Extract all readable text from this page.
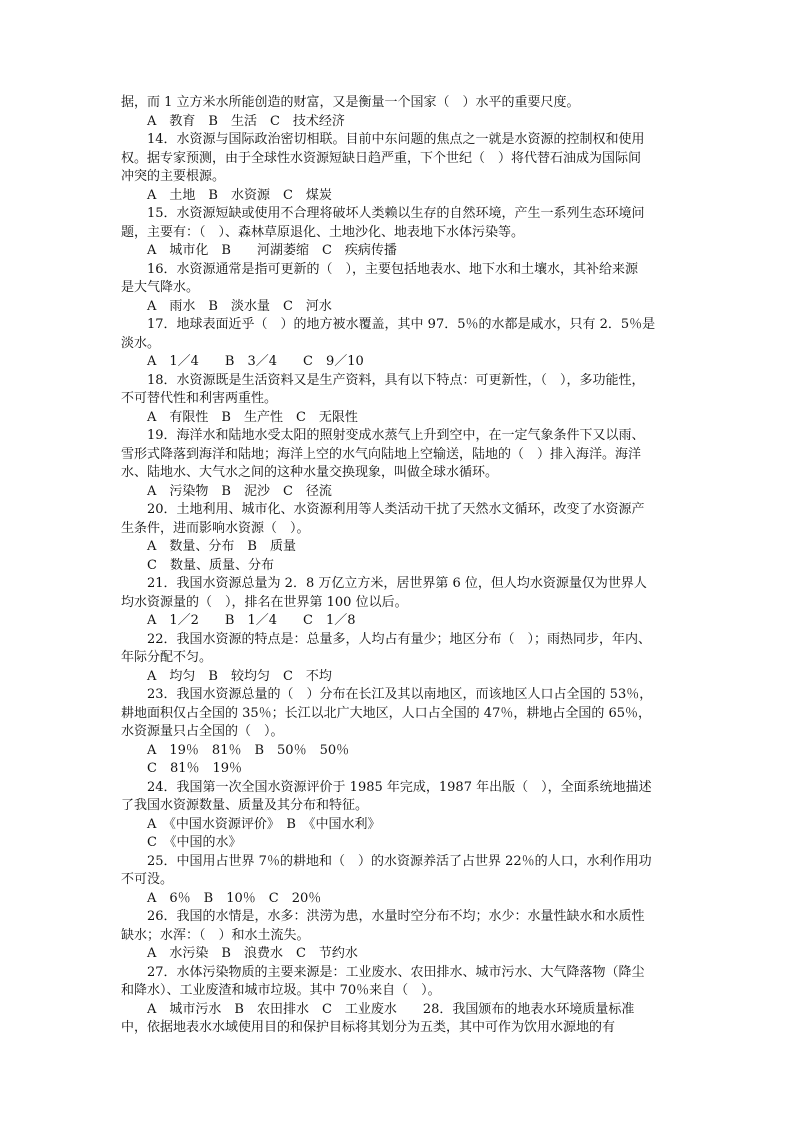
据，而 1 立方米水所能创造的财富，又是衡量一个国家（　）水平的重要尺度。
A　教育　B　生活　C　技术经济
14．水资源与国际政治密切相联。目前中东问题的焦点之一就是水资源的控制权和使用
权。据专家预测，由于全球性水资源短缺日趋严重，下个世纪（　）将代替石油成为国际间
冲突的主要根源。
A　土地　B　水资源　C　煤炭
15．水资源短缺或使用不合理将破坏人类赖以生存的自然环境，产生一系列生态环境问
题，主要有：（　）、森林草原退化、土地沙化、地表地下水体污染等。
A　城市化　B　　河湖萎缩　C　疾病传播
16．水资源通常是指可更新的（　），主要包括地表水、地下水和土壤水，其补给来源
是大气降水。
A　雨水　B　淡水量　C　河水
17．地球表面近乎（　）的地方被水覆盖，其中 97．5％的水都是咸水，只有 2．5％是
淡水。
A　1／4　　B　3／4　　C　9／10
18．水资源既是生活资料又是生产资料，具有以下特点：可更新性，（　），多功能性，
不可替代性和利害两重性。
A　有限性　B　生产性　C　无限性
19．海洋水和陆地水受太阳的照射变成水蒸气上升到空中，在一定气象条件下又以雨、
雪形式降落到海洋和陆地；海洋上空的水气向陆地上空输送，陆地的（　）排入海洋。海洋
水、陆地水、大气水之间的这种水量交换现象，叫做全球水循环。
A　污染物　B　泥沙　C　径流
20．土地利用、城市化、水资源利用等人类活动干扰了天然水文循环，改变了水资源产
生条件，进而影响水资源（　）。
A　数量、分布　B　质量
C　数量、质量、分布
21．我国水资源总量为 2．8 万亿立方米，居世界第 6 位，但人均水资源量仅为世界人
均水资源量的（　），排名在世界第 100 位以后。
A　1／2　　B　1／4　　C　1／8
22．我国水资源的特点是：总量多，人均占有量少；地区分布（　）；雨热同步，年内、
年际分配不匀。
A　均匀　B　较均匀　C　不均
23．我国水资源总量的（　）分布在长江及其以南地区，而该地区人口占全国的 53％，
耕地面积仅占全国的 35％；长江以北广大地区，人口占全国的 47％，耕地占全国的 65％，
水资源量只占全国的（　）。
A　19％　81％　B　50％　50％
C　81％　19％
24．我国第一次全国水资源评价于 1985 年完成，1987 年出版（　），全面系统地描述
了我国水资源数量、质量及其分布和特征。
A　《中国水资源评价》　B　《中国水利》
C　《中国的水》
25．中国用占世界 7％的耕地和（　）的水资源养活了占世界 22％的人口，水利作用功
不可没。
A　6％　B　10％　C　20％
26．我国的水情是，水多：洪涝为患，水量时空分布不均；水少：水量性缺水和水质性
缺水；水浑：（　）和水土流失。
A　水污染　B　浪费水　C　节约水
27．水体污染物质的主要来源是：工业废水、农田排水、城市污水、大气降落物（降尘
和降水）、工业废渣和城市垃圾。其中 70％来自（　）。
A　城市污水　B　农田排水　C　工业废水　　28．我国颁布的地表水环境质量标准
中，依据地表水水域使用目的和保护目标将其划分为五类，其中可作为饮用水源地的有
